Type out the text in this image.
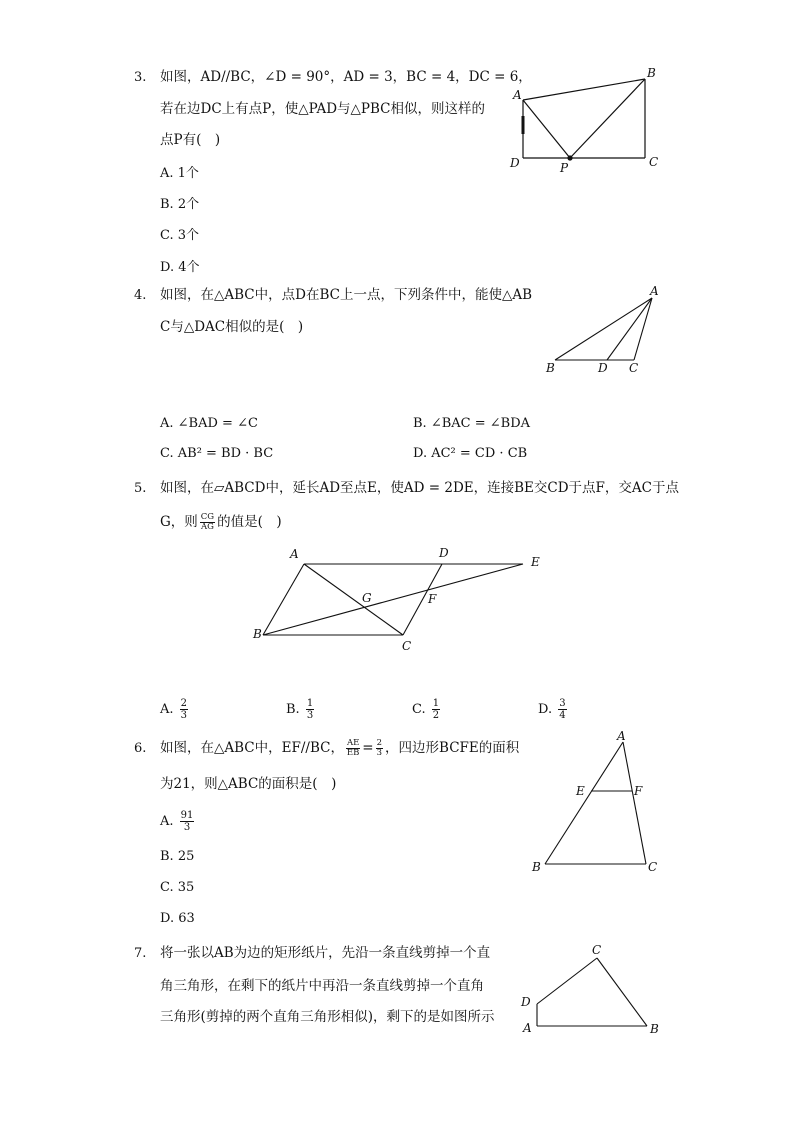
3. 如图，AD//BC，∠D = 90°，AD = 3，BC = 4，DC = 6，
若在边DC上有点P，使△PAD与△PBC相似，则这样的
点P有(　)
A. 1个
B. 2个
C. 3个
D. 4个
A
B
C
D	P
4. 如图，在△ABC中，点D在BC上一点，下列条件中，能使△AB
C与△DAC相似的是(　)
A
B	D C
A. ∠BAD = ∠C	B. ∠BAC = ∠BDA
C. AB² = BD · BC	D. AC² = CD · CB
5. 如图，在▱ABCD中，延长AD至点E，使AD = 2DE，连接BE交CD于点F，交AC于点
G，则 $\frac{CG}{AG}$ 的值是(　)
A	D
E
G	F
B
C
A. $\frac{2}{3}$	B. $\frac{1}{3}$	C. $\frac{1}{2}$	D. $\frac{3}{4}$
6. 如图，在△ABC中，EF//BC， $\frac{AE}{EB} = \frac{2}{3}$ ，四边形BCFE的面积
为21，则△ABC的面积是(　)
A. $\frac{91}{3}$
B. 25
C. 35
D. 63
A
E	F
B	C
7. 将一张以AB为边的矩形纸片，先沿一条直线剪掉一个直
角三角形，在剩下的纸片中再沿一条直线剪掉一个直角
三角形(剪掉的两个直角三角形相似)，剩下的是如图所示
C
D
A	B
